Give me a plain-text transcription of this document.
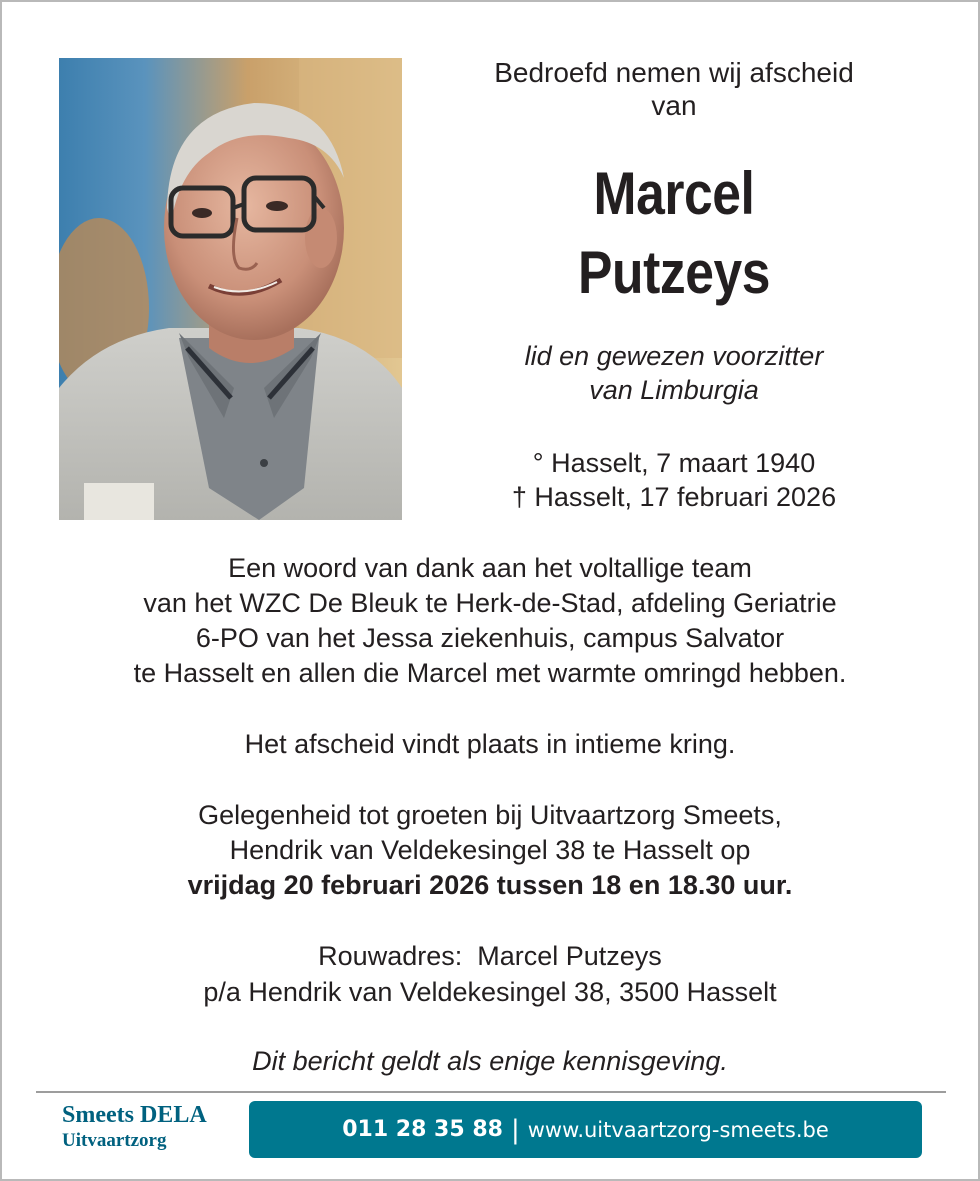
Bedroefd nemen wij afscheid
van
Marcel
Putzeys
lid en gewezen voorzitter
van Limburgia
° Hasselt, 7 maart 1940
† Hasselt, 17 februari 2026
Een woord van dank aan het voltallige team
van het WZC De Bleuk te Herk-de-Stad, afdeling Geriatrie
6-PO van het Jessa ziekenhuis, campus Salvator
te Hasselt en allen die Marcel met warmte omringd hebben.
Het afscheid vindt plaats in intieme kring.
Gelegenheid tot groeten bij Uitvaartzorg Smeets,
Hendrik van Veldekesingel 38 te Hasselt op
vrijdag 20 februari 2026 tussen 18 en 18.30 uur.
Rouwadres:  Marcel Putzeys
p/a Hendrik van Veldekesingel 38, 3500 Hasselt
Dit bericht geldt als enige kennisgeving.
Smeets DELA
Uitvaartzorg	011 28 35 88 | www.uitvaartzorg-smeets.be
